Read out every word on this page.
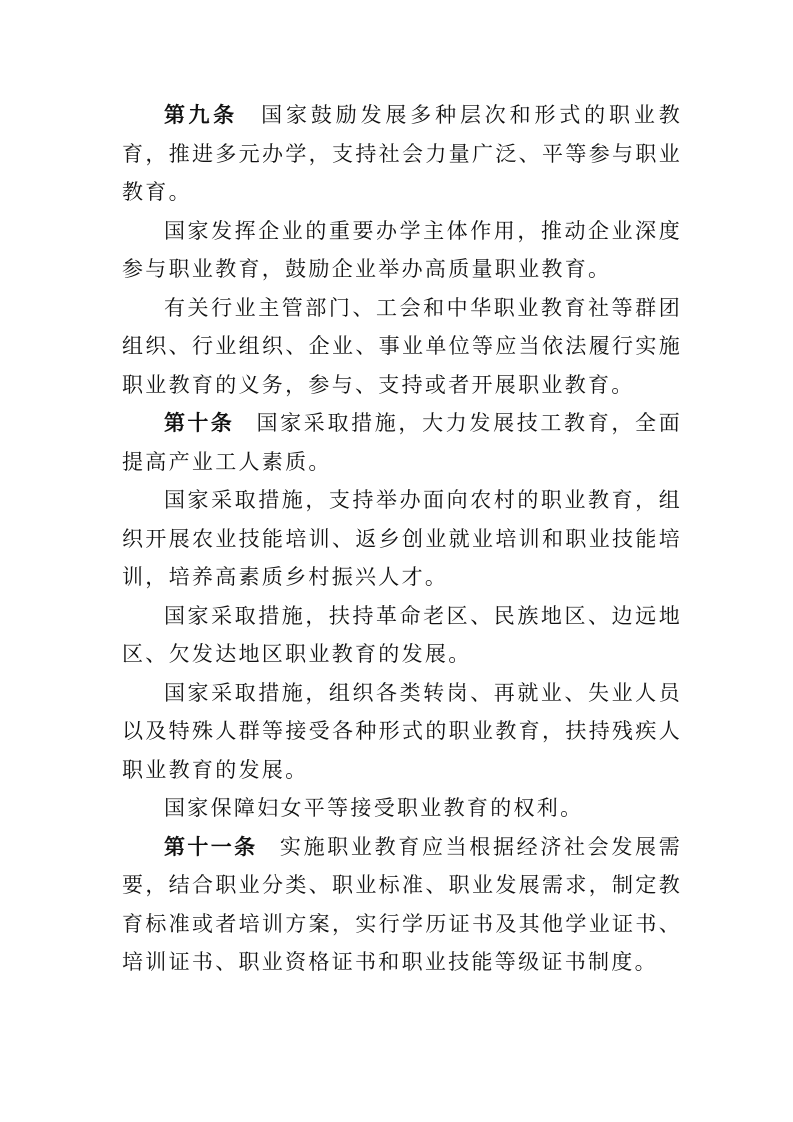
第九条 国家鼓励发展多种层次和形式的职业教育，推进多元办学，支持社会力量广泛、平等参与职业教育。

国家发挥企业的重要办学主体作用，推动企业深度参与职业教育，鼓励企业举办高质量职业教育。

有关行业主管部门、工会和中华职业教育社等群团组织、行业组织、企业、事业单位等应当依法履行实施职业教育的义务，参与、支持或者开展职业教育。

第十条 国家采取措施，大力发展技工教育，全面提高产业工人素质。

国家采取措施，支持举办面向农村的职业教育，组织开展农业技能培训、返乡创业就业培训和职业技能培训，培养高素质乡村振兴人才。

国家采取措施，扶持革命老区、民族地区、边远地区、欠发达地区职业教育的发展。

国家采取措施，组织各类转岗、再就业、失业人员以及特殊人群等接受各种形式的职业教育，扶持残疾人职业教育的发展。

国家保障妇女平等接受职业教育的权利。

第十一条 实施职业教育应当根据经济社会发展需要，结合职业分类、职业标准、职业发展需求，制定教育标准或者培训方案，实行学历证书及其他学业证书、培训证书、职业资格证书和职业技能等级证书制度。
